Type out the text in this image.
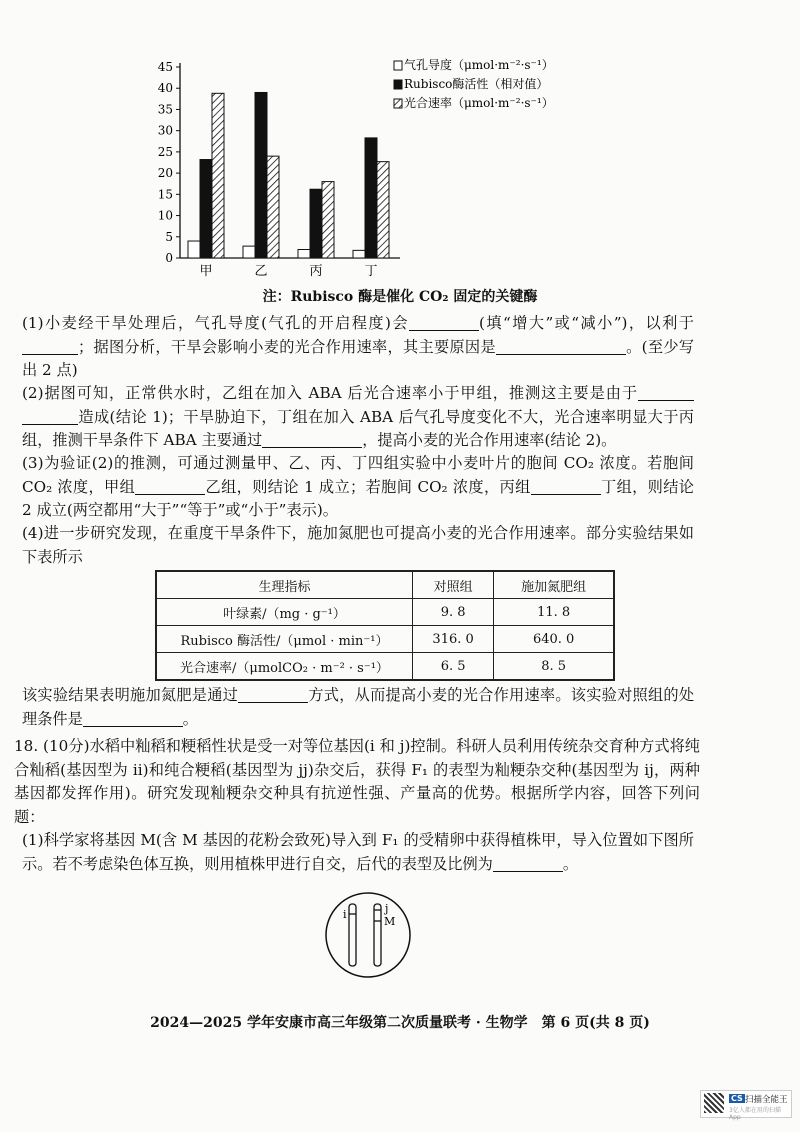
0
5
10
15
20
25
30
35
40
45
甲	乙	丙	丁
气孔导度（μmol·m⁻²·s⁻¹）
Rubisco酶活性（相对值）
光合速率（μmol·m⁻²·s⁻¹）
注：Rubisco 酶是催化 CO₂ 固定的关键酶

(1)小麦经干旱处理后，气孔导度(气孔的开启程度)会	(填“增大”或“减小”)，以利于；据图分析，干旱会影响小麦的光合作用速率，其主要原因是	。(至少写出 2 点)

(2)据图可知，正常供水时，乙组在加入 ABA 后光合速率小于甲组，推测这主要是由于造成(结论 1)；干旱胁迫下，丁组在加入 ABA 后气孔导度变化不大，光合速率明显大于丙组，推测干旱条件下 ABA 主要通过	，提高小麦的光合作用速率(结论 2)。

(3)为验证(2)的推测，可通过测量甲、乙、丙、丁四组实验中小麦叶片的胞间 CO₂ 浓度。若胞间 CO₂ 浓度，甲组	乙组，则结论 1 成立；若胞间 CO₂ 浓度，丙组	丁组，则结论 2 成立(两空都用“大于”“等于”或“小于”表示)。

(4)进一步研究发现，在重度干旱条件下，施加氮肥也可提高小麦的光合作用速率。部分实验结果如下表所示

生理指标	对照组	施加氮肥组
叶绿素/（mg · g⁻¹）	9. 8	11. 8
Rubisco 酶活性/（μmol · min⁻¹）	316. 0	640. 0
光合速率/（μmolCO₂ · m⁻² · s⁻¹）	6. 5	8. 5

该实验结果表明施加氮肥是通过	方式，从而提高小麦的光合作用速率。该实验对照组的处理条件是	。

18. (10分)水稻中籼稻和粳稻性状是受一对等位基因(i 和 j)控制。科研人员利用传统杂交育种方式将纯合籼稻(基因型为 ii)和纯合粳稻(基因型为 jj)杂交后，获得 F₁ 的表型为籼粳杂交种(基因型为 ij，两种基因都发挥作用)。研究发现籼粳杂交种具有抗逆性强、产量高的优势。根据所学内容，回答下列问题：

(1)科学家将基因 M(含 M 基因的花粉会致死)导入到 F₁ 的受精卵中获得植株甲，导入位置如下图所示。若不考虑染色体互换，则用植株甲进行自交，后代的表型及比例为	。

i	j
M
2024—2025 学年安康市高三年级第二次质量联考 · 生物学　第 6 页(共 8 页)
CS 扫描全能王
3亿人都在用的扫描App
